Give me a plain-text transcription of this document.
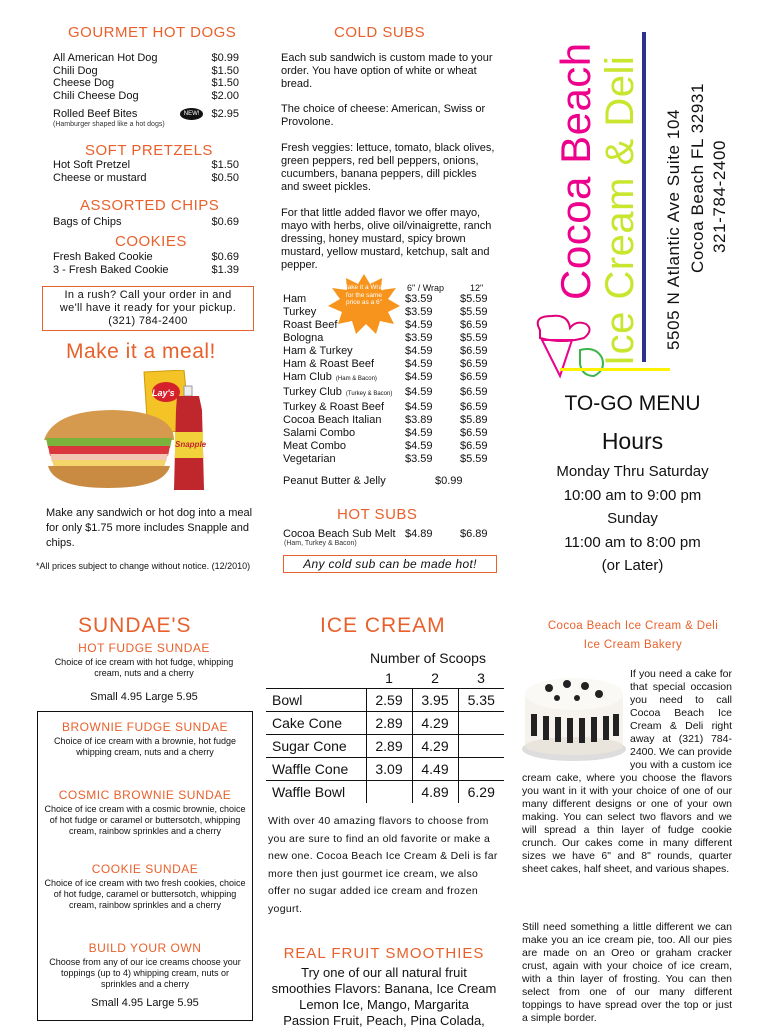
GOURMET HOT DOGS
All American Hot Dog	$0.99
Chili Dog	$1.50
Cheese Dog	$1.50
Chili Cheese Dog	$2.00
Rolled Beef Bites	NEW!	$2.95
(Hamburger shaped like a hot dogs)
SOFT PRETZELS
Hot Soft Pretzel	$1.50
Cheese or mustard	$0.50
ASSORTED CHIPS
Bags of Chips	$0.69
COOKIES
Fresh Baked Cookie	$0.69
3 - Fresh Baked Cookie	$1.39
In a rush? Call your order in and
we'll have it ready for your pickup.
(321) 784-2400
Make it a meal!
Lay's
Snapple
Make any sandwich or hot dog into a meal for only $1.75 more includes Snapple and chips.
*All prices subject to change without notice. (12/2010)
COLD SUBS
Each sub sandwich is custom made to your order. You have option of white or wheat bread.
The choice of cheese: American, Swiss or Provolone.
Fresh veggies: lettuce, tomato, black olives, green peppers, red bell peppers, onions, cucumbers, banana peppers, dill pickles and sweet pickles.
For that little added flavor we offer mayo, mayo with herbs, olive oil/vinaigrette, ranch dressing, honey mustard, spicy brown mustard, yellow mustard, ketchup, salt and pepper.
Make it a Wrap for the same price as a 6"
6" / Wrap	12"
Ham	$3.59	$5.59
Turkey	$3.59	$5.59
Roast Beef	$4.59	$6.59
Bologna	$3.59	$5.59
Ham & Turkey	$4.59	$6.59
Ham & Roast Beef	$4.59	$6.59
Ham Club (Ham & Bacon)	$4.59	$6.59
Turkey Club (Turkey & Bacon)	$4.59	$6.59
Turkey & Roast Beef	$4.59	$6.59
Cocoa Beach Italian	$3.89	$5.89
Salami Combo	$4.59	$6.59
Meat Combo	$4.59	$6.59
Vegetarian	$3.59	$5.59
Peanut Butter & Jelly	$0.99
HOT SUBS
Cocoa Beach Sub Melt $4.89	$6.89
(Ham, Turkey & Bacon)
Any cold sub can be made hot!
Cocoa Beach Ice Cream & Deli 5505 N Atlantic Ave Suite 104 Cocoa Beach FL 32931 321-784-2400
TO-GO MENU
Hours
Monday Thru Saturday
10:00 am to 9:00 pm
Sunday
11:00 am to 8:00 pm
(or Later)
SUNDAE'S
HOT FUDGE SUNDAE
Choice of ice cream with hot fudge, whipping cream, nuts and a cherry
Small 4.95 Large 5.95
BROWNIE FUDGE SUNDAE
Choice of ice cream with a brownie, hot fudge whipping cream, nuts and a cherry
COSMIC BROWNIE SUNDAE
Choice of ice cream with a cosmic brownie, choice of hot fudge or caramel or buttersotch, whipping cream, rainbow sprinkles and a cherry
COOKIE SUNDAE
Choice of ice cream with two fresh cookies, choice of hot fudge, caramel or buttersotch, whipping cream, rainbow sprinkles and a cherry
BUILD YOUR OWN
Choose from any of our ice creams choose your toppings (up to 4) whipping cream, nuts or sprinkles and a cherry
Small 4.95 Large 5.95
ICE CREAM
Number of Scoops
	1	2	3
Bowl	2.59	3.95	5.35
Cake Cone	2.89	4.29	
Sugar Cone	2.89	4.29	
Waffle Cone	3.09	4.49	
Waffle Bowl		4.89	6.29
With over 40 amazing flavors to choose from you are sure to find an old favorite or make a new one. Cocoa Beach Ice Cream & Deli is far more then just gourmet ice cream, we also offer no sugar added ice cream and frozen yogurt.
REAL FRUIT SMOOTHIES
Try one of our all natural fruit
smoothies Flavors: Banana, Ice Cream
Lemon Ice, Mango, Margarita
Passion Fruit, Peach, Pina Colada,
Cocoa Beach Ice Cream & Deli
Ice Cream Bakery
If you need a cake for that special occasion you need to call Cocoa Beach Ice Cream & Deli right away at (321) 784-2400. We can provide you with a custom ice cream cake, where you choose the flavors you want in it with your choice of one of our many different designs or one of your own making. You can select two flavors and we will spread a thin layer of fudge cookie crunch. Our cakes come in many different sizes we have 6" and 8" rounds, quarter sheet cakes, half sheet, and various shapes.
Still need something a little different we can make you an ice cream pie, too. All our pies are made on an Oreo or graham cracker crust, again with your choice of ice cream, with a thin layer of frosting. You can then select from one of our many different toppings to have spread over the top or just a simple border.
